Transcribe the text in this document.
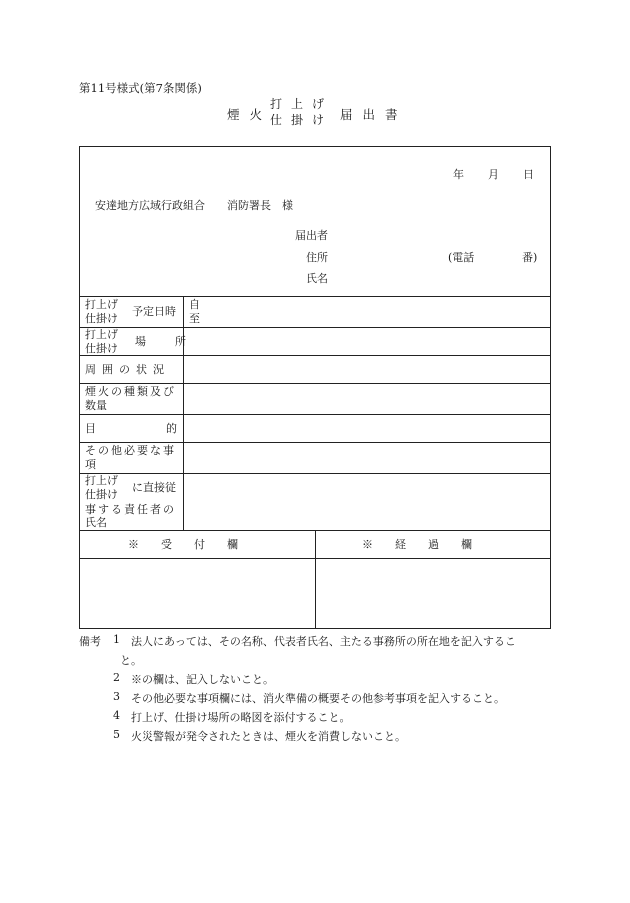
第11号様式(第7条関係)
煙火
打上げ
仕掛け 届出書
年 月 日
安達地方広域行政組合　　消防署長　様
届出者
住所	(電話	番)
氏名
打上げ
仕掛け 予定日時
自
至
打上げ
仕掛け 場　所
周囲の状況
煙火の種類及び
数量
目	的
その他必要な事
項
打上げ
仕掛け に直接従
事する責任者の
氏名
※　　受　　付　　欄	※　　経　　過　　欄
備考 1 法人にあっては、その名称、代表者氏名、主たる事務所の所在地を記入するこ
と。
2 ※の欄は、記入しないこと。
3 その他必要な事項欄には、消火準備の概要その他参考事項を記入すること。
4 打上げ、仕掛け場所の略図を添付すること。
5 火災警報が発令されたときは、煙火を消費しないこと。
